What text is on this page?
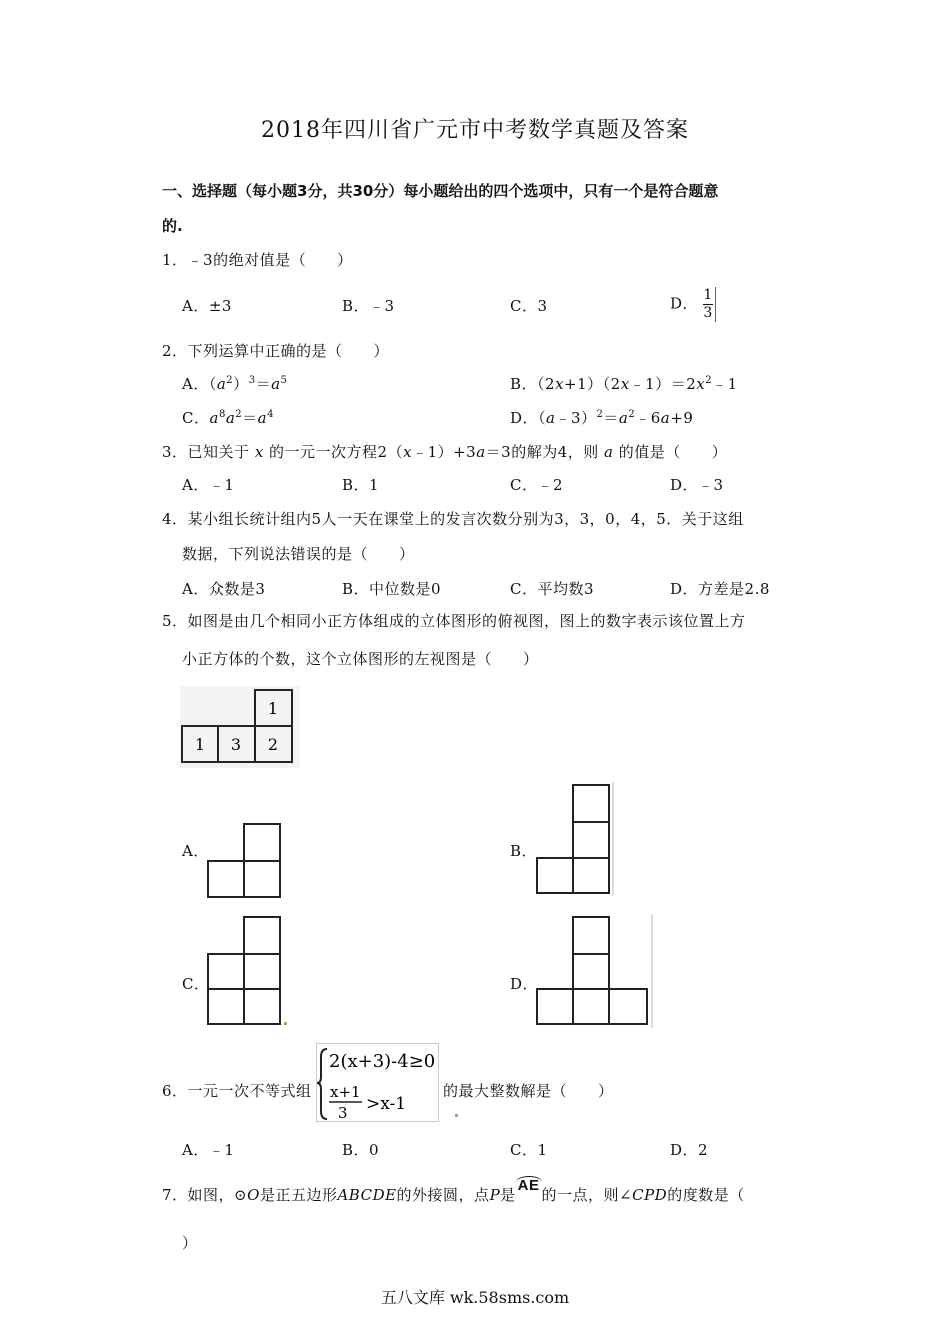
2018年四川省广元市中考数学真题及答案
一、选择题（每小题3分，共30分）每小题给出的四个选项中，只有一个是符合题意
的.
1．﹣3的绝对值是（　　）
A．±3	B．﹣3	C．3	D． $\frac{1}{3}$
2．下列运算中正确的是（　　）
A．$(a^2)^3=a^5$	B．$(2x+1)(2x﹣1)=2x^2﹣1$
C．$a^8a^2=a^4$	D．$(a﹣3)^2=a^2﹣6a+9$
3．已知关于 x 的一元一次方程2（x﹣1）+3a＝3的解为4，则 a 的值是（　　）
A．﹣1	B．1	C．﹣2	D．﹣3
4．某小组长统计组内5人一天在课堂上的发言次数分别为3，3，0，4，5．关于这组
数据，下列说法错误的是（　　）
A．众数是3	B．中位数是0	C．平均数3	D．方差是2.8
5．如图是由几个相同小正方体组成的立体图形的俯视图，图上的数字表示该位置上方
小正方体的个数，这个立体图形的左视图是（　　）
1
1 3 2
A．	B．
C．	D．
6．一元一次不等式组
2(x+3)-4≥0
x+1
3 >x-1
的最大整数解是（　　）
A．﹣1	B．0	C．1	D．2
7．如图，⊙O是正五边形ABCDE的外接圆，点P是AE的一点，则∠CPD的度数是（
）
五八文库 wk.58sms.com
